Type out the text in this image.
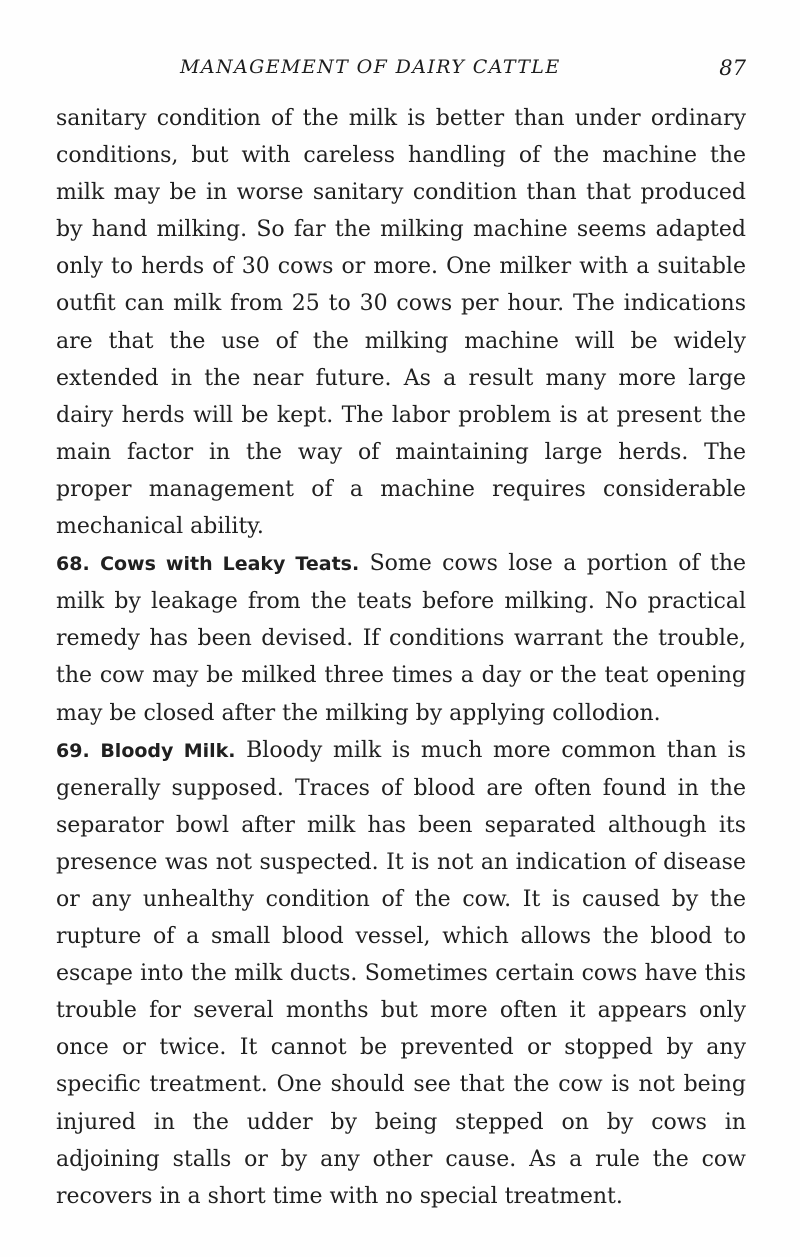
MANAGEMENT OF DAIRY CATTLE	87

sanitary condition of the milk is better than under ordinary conditions, but with careless handling of the machine the milk may be in worse sanitary condition than that produced by hand milking. So far the milking machine seems adapted only to herds of 30 cows or more. One milker with a suitable outfit can milk from 25 to 30 cows per hour. The indications are that the use of the milking machine will be widely extended in the near future. As a result many more large dairy herds will be kept. The labor problem is at present the main factor in the way of maintaining large herds. The proper management of a machine requires considerable mechanical ability.

68. Cows with Leaky Teats. Some cows lose a portion of the milk by leakage from the teats before milking. No practical remedy has been devised. If conditions warrant the trouble, the cow may be milked three times a day or the teat opening may be closed after the milking by applying collodion.

69. Bloody Milk. Bloody milk is much more common than is generally supposed. Traces of blood are often found in the separator bowl after milk has been separated although its presence was not suspected. It is not an indication of disease or any unhealthy condition of the cow. It is caused by the rupture of a small blood vessel, which allows the blood to escape into the milk ducts. Sometimes certain cows have this trouble for several months but more often it appears only once or twice. It cannot be prevented or stopped by any specific treatment. One should see that the cow is not being injured in the udder by being stepped on by cows in adjoining stalls or by any other cause. As a rule the cow recovers in a short time with no special treatment.
